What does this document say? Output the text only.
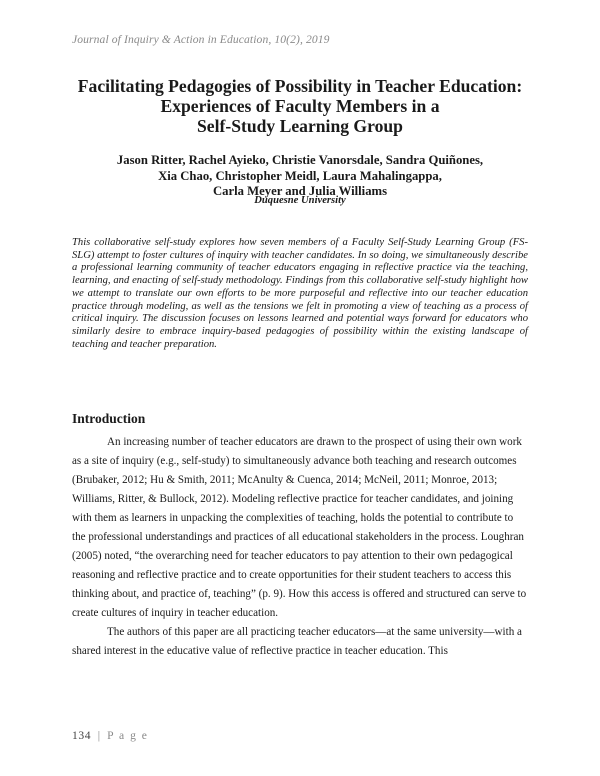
Journal of Inquiry & Action in Education, 10(2), 2019
Facilitating Pedagogies of Possibility in Teacher Education:
Experiences of Faculty Members in a
Self-Study Learning Group
Jason Ritter, Rachel Ayieko, Christie Vanorsdale, Sandra Quiñones,
Xia Chao, Christopher Meidl, Laura Mahalingappa,
Carla Meyer and Julia Williams
Duquesne University

This collaborative self-study explores how seven members of a Faculty Self-Study Learning Group (FS-SLG) attempt to foster cultures of inquiry with teacher candidates. In so doing, we simultaneously describe a professional learning community of teacher educators engaging in reflective practice via the teaching, learning, and enacting of self-study methodology. Findings from this collaborative self-study highlight how we attempt to translate our own efforts to be more purposeful and reflective into our teacher education practice through modeling, as well as the tensions we felt in promoting a view of teaching as a process of critical inquiry. The discussion focuses on lessons learned and potential ways forward for educators who similarly desire to embrace inquiry-based pedagogies of possibility within the existing landscape of teaching and teacher preparation.

Introduction

An increasing number of teacher educators are drawn to the prospect of using their own work as a site of inquiry (e.g., self-study) to simultaneously advance both teaching and research outcomes (Brubaker, 2012; Hu & Smith, 2011; McAnulty & Cuenca, 2014; McNeil, 2011; Monroe, 2013; Williams, Ritter, & Bullock, 2012). Modeling reflective practice for teacher candidates, and joining with them as learners in unpacking the complexities of teaching, holds the potential to contribute to the professional understandings and practices of all educational stakeholders in the process. Loughran (2005) noted, “the overarching need for teacher educators to pay attention to their own pedagogical reasoning and reflective practice and to create opportunities for their student teachers to access this thinking about, and practice of, teaching” (p. 9). How this access is offered and structured can serve to create cultures of inquiry in teacher education.

The authors of this paper are all practicing teacher educators—at the same university—with a shared interest in the educative value of reflective practice in teacher education. This

134 | P a g e
